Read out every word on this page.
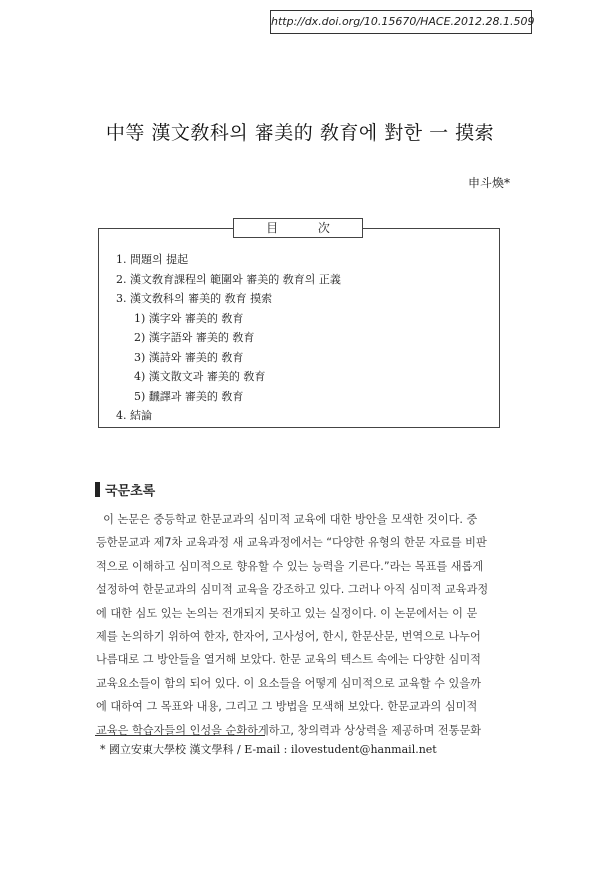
http://dx.doi.org/10.15670/HACE.2012.28.1.509
中等 漢文敎科의 審美的 敎育에 對한 一 摸索
申斗煥*
目 次
1. 問題의 提起
2. 漢文敎育課程의 範圍와 審美的 敎育의 正義
3. 漢文敎科의 審美的 敎育 摸索
1) 漢字와 審美的 敎育
2) 漢字語와 審美的 敎育
3) 漢詩와 審美的 敎育
4) 漢文散文과 審美的 敎育
5) 飜譯과 審美的 敎育
4. 結論
국문초록
이 논문은 중등학교 한문교과의 심미적 교육에 대한 방안을 모색한 것이다. 중
등한문교과 제7차 교육과정 새 교육과정에서는 “다양한 유형의 한문 자료를 비판
적으로 이해하고 심미적으로 향유할 수 있는 능력을 기른다.”라는 목표를 새롭게
설정하여 한문교과의 심미적 교육을 강조하고 있다. 그러나 아직 심미적 교육과정
에 대한 심도 있는 논의는 전개되지 못하고 있는 실정이다. 이 논문에서는 이 문
제를 논의하기 위하여 한자, 한자어, 고사성어, 한시, 한문산문, 번역으로 나누어
나름대로 그 방안들을 열거해 보았다. 한문 교육의 텍스트 속에는 다양한 심미적
교육요소들이 함의 되어 있다. 이 요소들을 어떻게 심미적으로 교육할 수 있을까
에 대하여 그 목표와 내용, 그리고 그 방법을 모색해 보았다. 한문교과의 심미적
교육은 학습자들의 인성을 순화하게하고, 창의력과 상상력을 제공하며 전통문화
* 國立安東大學校 漢文學科 / E-mail : ilovestudent@hanmail.net
